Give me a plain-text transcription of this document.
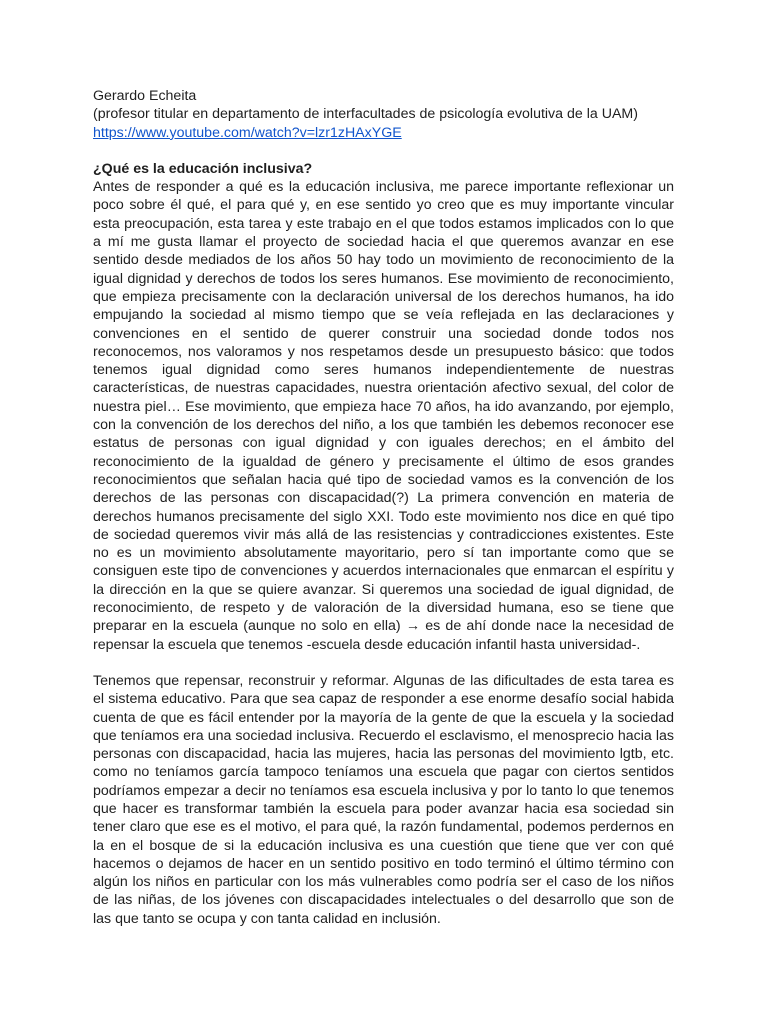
Gerardo Echeita
(profesor titular en departamento de interfacultades de psicología evolutiva de la UAM)
https://www.youtube.com/watch?v=lzr1zHAxYGE
¿Qué es la educación inclusiva?

Antes de responder a qué es la educación inclusiva, me parece importante reflexionar un poco sobre él qué, el para qué y, en ese sentido yo creo que es muy importante vincular esta preocupación, esta tarea y este trabajo en el que todos estamos implicados con lo que a mí me gusta llamar el proyecto de sociedad hacia el que queremos avanzar en ese sentido desde mediados de los años 50 hay todo un movimiento de reconocimiento de la igual dignidad y derechos de todos los seres humanos. Ese movimiento de reconocimiento, que empieza precisamente con la declaración universal de los derechos humanos, ha ido empujando la sociedad al mismo tiempo que se veía reflejada en las declaraciones y convenciones en el sentido de querer construir una sociedad donde todos nos reconocemos, nos valoramos y nos respetamos desde un presupuesto básico: que todos tenemos igual dignidad como seres humanos independientemente de nuestras características, de nuestras capacidades, nuestra orientación afectivo sexual, del color de nuestra piel… Ese movimiento, que empieza hace 70 años, ha ido avanzando, por ejemplo, con la convención de los derechos del niño, a los que también les debemos reconocer ese estatus de personas con igual dignidad y con iguales derechos; en el ámbito del reconocimiento de la igualdad de género y precisamente el último de esos grandes reconocimientos que señalan hacia qué tipo de sociedad vamos es la convención de los derechos de las personas con discapacidad(?) La primera convención en materia de derechos humanos precisamente del siglo XXI. Todo este movimiento nos dice en qué tipo de sociedad queremos vivir más allá de las resistencias y contradicciones existentes. Este no es un movimiento absolutamente mayoritario, pero sí tan importante como que se consiguen este tipo de convenciones y acuerdos internacionales que enmarcan el espíritu y la dirección en la que se quiere avanzar. Si queremos una sociedad de igual dignidad, de reconocimiento, de respeto y de valoración de la diversidad humana, eso se tiene que preparar en la escuela (aunque no solo en ella) → es de ahí donde nace la necesidad de repensar la escuela que tenemos -escuela desde educación infantil hasta universidad-.

Tenemos que repensar, reconstruir y reformar. Algunas de las dificultades de esta tarea es el sistema educativo. Para que sea capaz de responder a ese enorme desafío social habida cuenta de que es fácil entender por la mayoría de la gente de que la escuela y la sociedad que teníamos era una sociedad inclusiva. Recuerdo el esclavismo, el menosprecio hacia las personas con discapacidad, hacia las mujeres, hacia las personas del movimiento lgtb, etc. como no teníamos garcía tampoco teníamos una escuela que pagar con ciertos sentidos podríamos empezar a decir no teníamos esa escuela inclusiva y por lo tanto lo que tenemos que hacer es transformar también la escuela para poder avanzar hacia esa sociedad sin tener claro que ese es el motivo, el para qué, la razón fundamental, podemos perdernos en la en el bosque de si la educación inclusiva es una cuestión que tiene que ver con qué hacemos o dejamos de hacer en un sentido positivo en todo terminó el último término con algún los niños en particular con los más vulnerables como podría ser el caso de los niños de las niñas, de los jóvenes con discapacidades intelectuales o del desarrollo que son de las que tanto se ocupa y con tanta calidad en inclusión.
